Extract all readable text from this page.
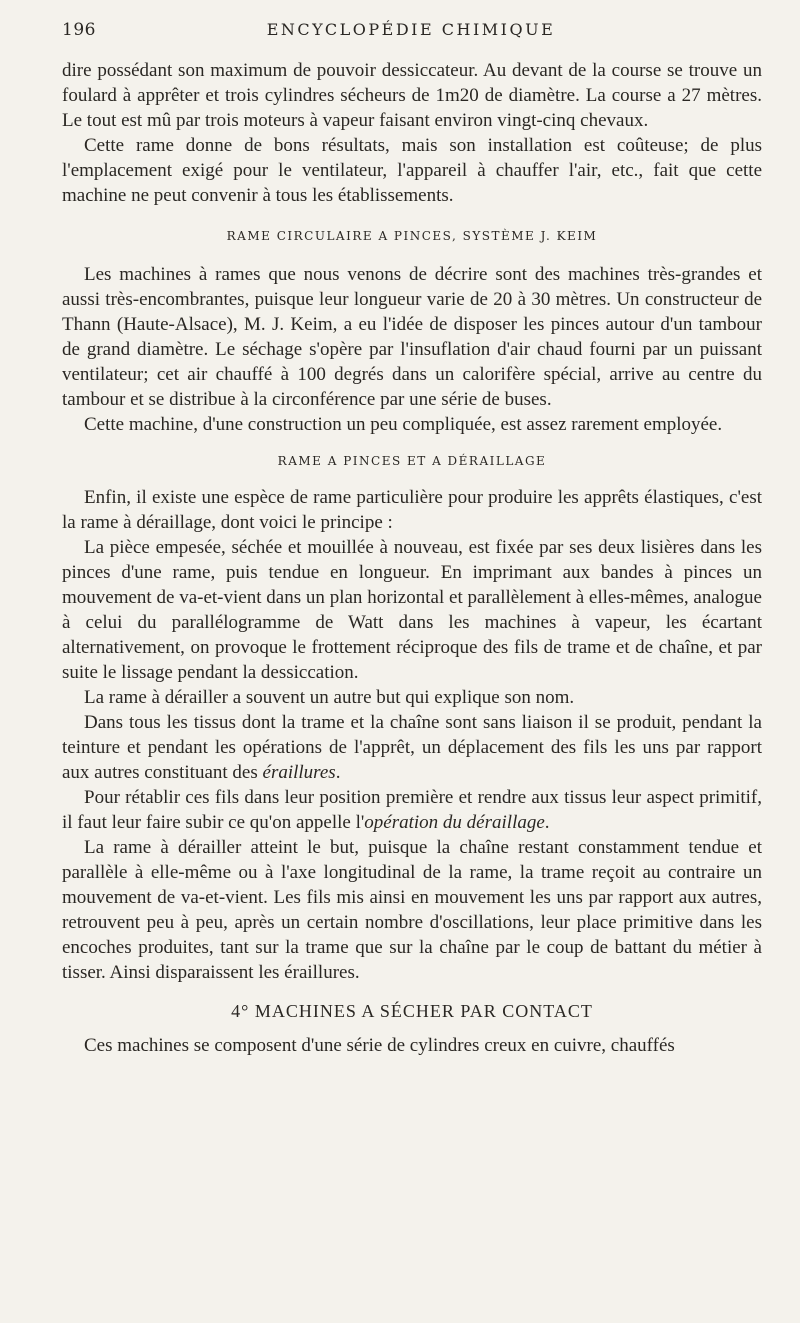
196	ENCYCLOPÉDIE CHIMIQUE

dire possédant son maximum de pouvoir dessiccateur. Au devant de la course se trouve un foulard à apprêter et trois cylindres sécheurs de 1m20 de diamètre. La course a 27 mètres. Le tout est mû par trois moteurs à vapeur faisant environ vingt-cinq chevaux.

Cette rame donne de bons résultats, mais son installation est coûteuse; de plus l'emplacement exigé pour le ventilateur, l'appareil à chauffer l'air, etc., fait que cette machine ne peut convenir à tous les établissements.

RAME CIRCULAIRE A PINCES, SYSTÈME J. KEIM

Les machines à rames que nous venons de décrire sont des machines très-grandes et aussi très-encombrantes, puisque leur longueur varie de 20 à 30 mètres. Un constructeur de Thann (Haute-Alsace), M. J. Keim, a eu l'idée de disposer les pinces autour d'un tambour de grand diamètre. Le séchage s'opère par l'insuflation d'air chaud fourni par un puissant ventilateur; cet air chauffé à 100 degrés dans un calorifère spécial, arrive au centre du tambour et se distribue à la circonférence par une série de buses.

Cette machine, d'une construction un peu compliquée, est assez rarement employée.

RAME A PINCES ET A DÉRAILLAGE

Enfin, il existe une espèce de rame particulière pour produire les apprêts élastiques, c'est la rame à déraillage, dont voici le principe :

La pièce empesée, séchée et mouillée à nouveau, est fixée par ses deux lisières dans les pinces d'une rame, puis tendue en longueur. En imprimant aux bandes à pinces un mouvement de va-et-vient dans un plan horizontal et parallèlement à elles-mêmes, analogue à celui du parallélogramme de Watt dans les machines à vapeur, les écartant alternativement, on provoque le frottement réciproque des fils de trame et de chaîne, et par suite le lissage pendant la dessiccation.

La rame à dérailler a souvent un autre but qui explique son nom.

Dans tous les tissus dont la trame et la chaîne sont sans liaison il se produit, pendant la teinture et pendant les opérations de l'apprêt, un déplacement des fils les uns par rapport aux autres constituant des éraillures.

Pour rétablir ces fils dans leur position première et rendre aux tissus leur aspect primitif, il faut leur faire subir ce qu'on appelle l'opération du déraillage.

La rame à dérailler atteint le but, puisque la chaîne restant constamment tendue et parallèle à elle-même ou à l'axe longitudinal de la rame, la trame reçoit au contraire un mouvement de va-et-vient. Les fils mis ainsi en mouvement les uns par rapport aux autres, retrouvent peu à peu, après un certain nombre d'oscillations, leur place primitive dans les encoches produites, tant sur la trame que sur la chaîne par le coup de battant du métier à tisser. Ainsi disparaissent les éraillures.

4° MACHINES A SÉCHER PAR CONTACT

Ces machines se composent d'une série de cylindres creux en cuivre, chauffés
